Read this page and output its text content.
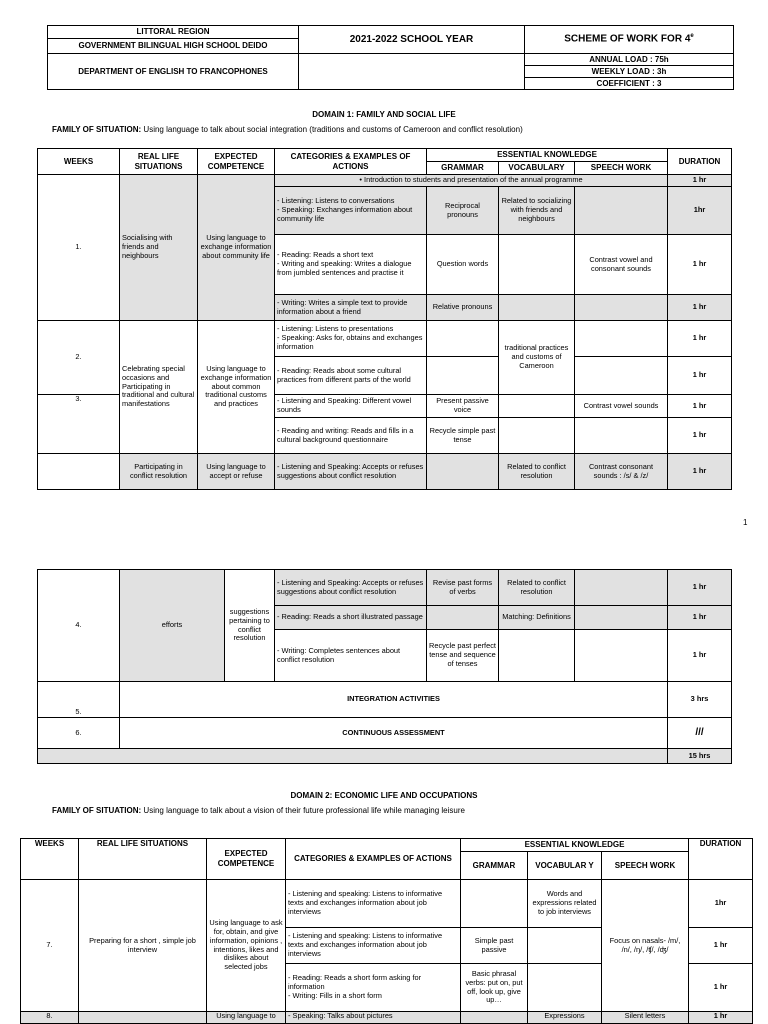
LITTORAL REGION	2021-2022 SCHOOL YEAR	SCHEME OF WORK FOR 4e
GOVERNMENT BILINGUAL HIGH SCHOOL DEIDO		
DEPARTMENT OF ENGLISH TO FRANCOPHONES		ANNUAL LOAD : 75h
		WEEKLY LOAD : 3h
		COEFFICIENT : 3
DOMAIN 1: FAMILY AND SOCIAL LIFE
FAMILY OF SITUATION: Using language to talk about social integration (traditions and customs of Cameroon and conflict resolution)
WEEKS	REAL LIFE SITUATIONS	EXPECTED COMPETENCE	CATEGORIES & EXAMPLES OF ACTIONS	ESSENTIAL KNOWLEDGE			DURATION
				GRAMMAR	VOCABULARY	SPEECH WORK	
1.	Socialising with friends and neighbours	Using language to exchange information about community life	• Introduction to students and presentation of the annual programme				1 hr
			- Listening: Listens to conversations
- Speaking: Exchanges information about community life	Reciprocal pronouns	Related to socializing with friends and neighbours		1hr
			- Reading: Reads a short text
- Writing and speaking: Writes a dialogue from jumbled sentences and practise it	Question words		Contrast vowel and consonant sounds	1 hr
			- Writing: Writes a simple text to provide information about a friend	Relative pronouns			1 hr
2.	Celebrating special occasions and Participating in traditional and cultural manifestations	Using language to exchange information about common traditional customs and practices	- Listening: Listens to presentations
- Speaking: Asks for, obtains and exchanges information		traditional practices and customs of Cameroon		1 hr
			- Reading: Reads about some cultural practices from different parts of the world				1 hr
3.			- Listening and Speaking: Different vowel sounds	Present passive voice		Contrast vowel sounds	1 hr
			- Reading and writing: Reads and fills in a cultural background questionnaire	Recycle simple past tense			1 hr
	Participating in conflict resolution	Using language to accept or refuse	- Listening and Speaking: Accepts or refuses suggestions about conflict resolution		Related to conflict resolution	Contrast consonant sounds : /s/ & /z/	1 hr
1
4.	efforts	suggestions pertaining to conflict resolution	- Listening and Speaking: Accepts or refuses suggestions about conflict resolution	Revise past forms of verbs	Related to conflict resolution		1 hr
			- Reading: Reads a short illustrated passage		Matching: Definitions		1 hr
			- Writing: Completes sentences about conflict resolution	Recycle past perfect tense and sequence of tenses			1 hr
5.	INTEGRATION ACTIVITIES						3 hrs
6.	CONTINUOUS ASSESSMENT						///
							15 hrs
DOMAIN 2: ECONOMIC LIFE AND OCCUPATIONS
FAMILY OF SITUATION: Using language to talk about a vision of their future professional life while managing leisure
WEEKS	REAL LIFE SITUATIONS	EXPECTED COMPETENCE	CATEGORIES & EXAMPLES OF ACTIONS	ESSENTIAL KNOWLEDGE			DURATION
				GRAMMAR	VOCABULAR Y	SPEECH WORK	
7.	Preparing for a short , simple job interview	Using language to ask for, obtain, and give information, opinions , intentions, likes and dislikes about selected jobs	- Listening and speaking: Listens to informative texts and exchanges information about job interviews		Words and expressions related to job interviews	Focus on nasals- /m/, /n/, /ŋ/, /ʧ/, /ʤ/	1hr
			- Listening and speaking: Listens to informative texts and exchanges information about job interviews	Simple past passive			1 hr
			- Reading: Reads a short form asking for information
- Writing: Fills in a short form	Basic phrasal verbs: put on, put off, look up, give up…			1 hr
8.		Using language to	- Speaking: Talks about pictures		Expressions	Silent letters	1 hr
